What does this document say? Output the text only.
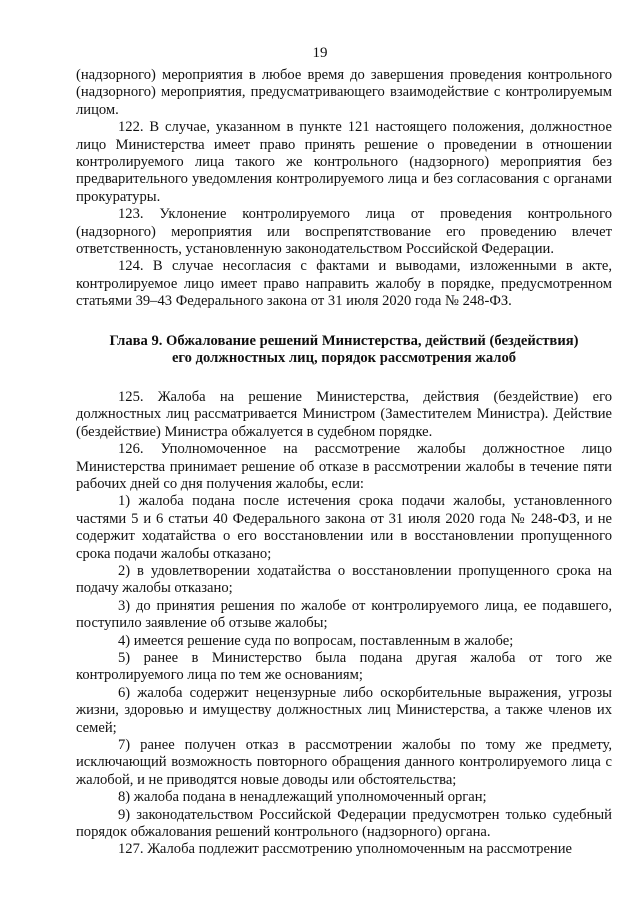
19

(надзорного) мероприятия в любое время до завершения проведения контрольного (надзорного) мероприятия, предусматривающего взаимодействие с контролируемым лицом.

122. В случае, указанном в пункте 121 настоящего положения, должностное лицо Министерства имеет право принять решение о проведении в отношении контролируемого лица такого же контрольного (надзорного) мероприятия без предварительного уведомления контролируемого лица и без согласования с органами прокуратуры.

123. Уклонение контролируемого лица от проведения контрольного (надзорного) мероприятия или воспрепятствование его проведению влечет ответственность, установленную законодательством Российской Федерации.

124. В случае несогласия с фактами и выводами, изложенными в акте, контролируемое лицо имеет право направить жалобу в порядке, предусмотренном статьями 39–43 Федерального закона от 31 июля 2020 года № 248-ФЗ.

Глава 9. Обжалование решений Министерства, действий (бездействия)
его должностных лиц, порядок рассмотрения жалоб

125. Жалоба на решение Министерства, действия (бездействие) его должностных лиц рассматривается Министром (Заместителем Министра). Действие (бездействие) Министра обжалуется в судебном порядке.

126. Уполномоченное на рассмотрение жалобы должностное лицо Министерства принимает решение об отказе в рассмотрении жалобы в течение пяти рабочих дней со дня получения жалобы, если:

1) жалоба подана после истечения срока подачи жалобы, установленного частями 5 и 6 статьи 40 Федерального закона от 31 июля 2020 года № 248-ФЗ, и не содержит ходатайства о его восстановлении или в восстановлении пропущенного срока подачи жалобы отказано;

2) в удовлетворении ходатайства о восстановлении пропущенного срока на подачу жалобы отказано;

3) до принятия решения по жалобе от контролируемого лица, ее подавшего, поступило заявление об отзыве жалобы;

4) имеется решение суда по вопросам, поставленным в жалобе;

5) ранее в Министерство была подана другая жалоба от того же контролируемого лица по тем же основаниям;

6) жалоба содержит нецензурные либо оскорбительные выражения, угрозы жизни, здоровью и имуществу должностных лиц Министерства, а также членов их семей;

7) ранее получен отказ в рассмотрении жалобы по тому же предмету, исключающий возможность повторного обращения данного контролируемого лица с жалобой, и не приводятся новые доводы или обстоятельства;

8) жалоба подана в ненадлежащий уполномоченный орган;

9) законодательством Российской Федерации предусмотрен только судебный порядок обжалования решений контрольного (надзорного) органа.

127. Жалоба подлежит рассмотрению уполномоченным на рассмотрение
